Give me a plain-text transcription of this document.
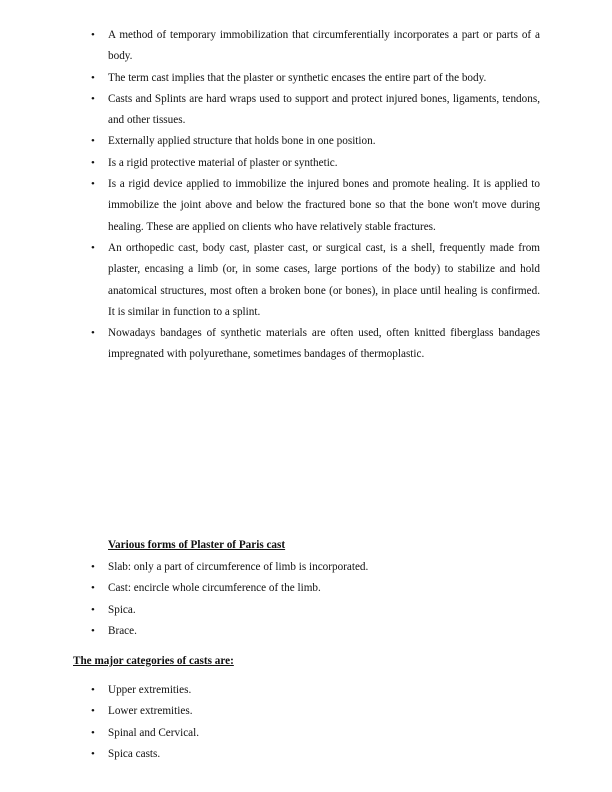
• A method of temporary immobilization that circumferentially incorporates a part or parts of a body.
• The term cast implies that the plaster or synthetic encases the entire part of the body.
• Casts and Splints are hard wraps used to support and protect injured bones, ligaments, tendons, and other tissues.
• Externally applied structure that holds bone in one position.
• Is a rigid protective material of plaster or synthetic.
• Is a rigid device applied to immobilize the injured bones and promote healing. It is applied to immobilize the joint above and below the fractured bone so that the bone won't move during healing. These are applied on clients who have relatively stable fractures.
• An orthopedic cast, body cast, plaster cast, or surgical cast, is a shell, frequently made from plaster, encasing a limb (or, in some cases, large portions of the body) to stabilize and hold anatomical structures, most often a broken bone (or bones), in place until healing is confirmed. It is similar in function to a splint.
• Nowadays bandages of synthetic materials are often used, often knitted fiberglass bandages impregnated with polyurethane, sometimes bandages of thermoplastic.
Various forms of Plaster of Paris cast
• Slab: only a part of circumference of limb is incorporated.
• Cast: encircle whole circumference of the limb.
• Spica.
• Brace.
The major categories of casts are:
• Upper extremities.
• Lower extremities.
• Spinal and Cervical.
• Spica casts.
